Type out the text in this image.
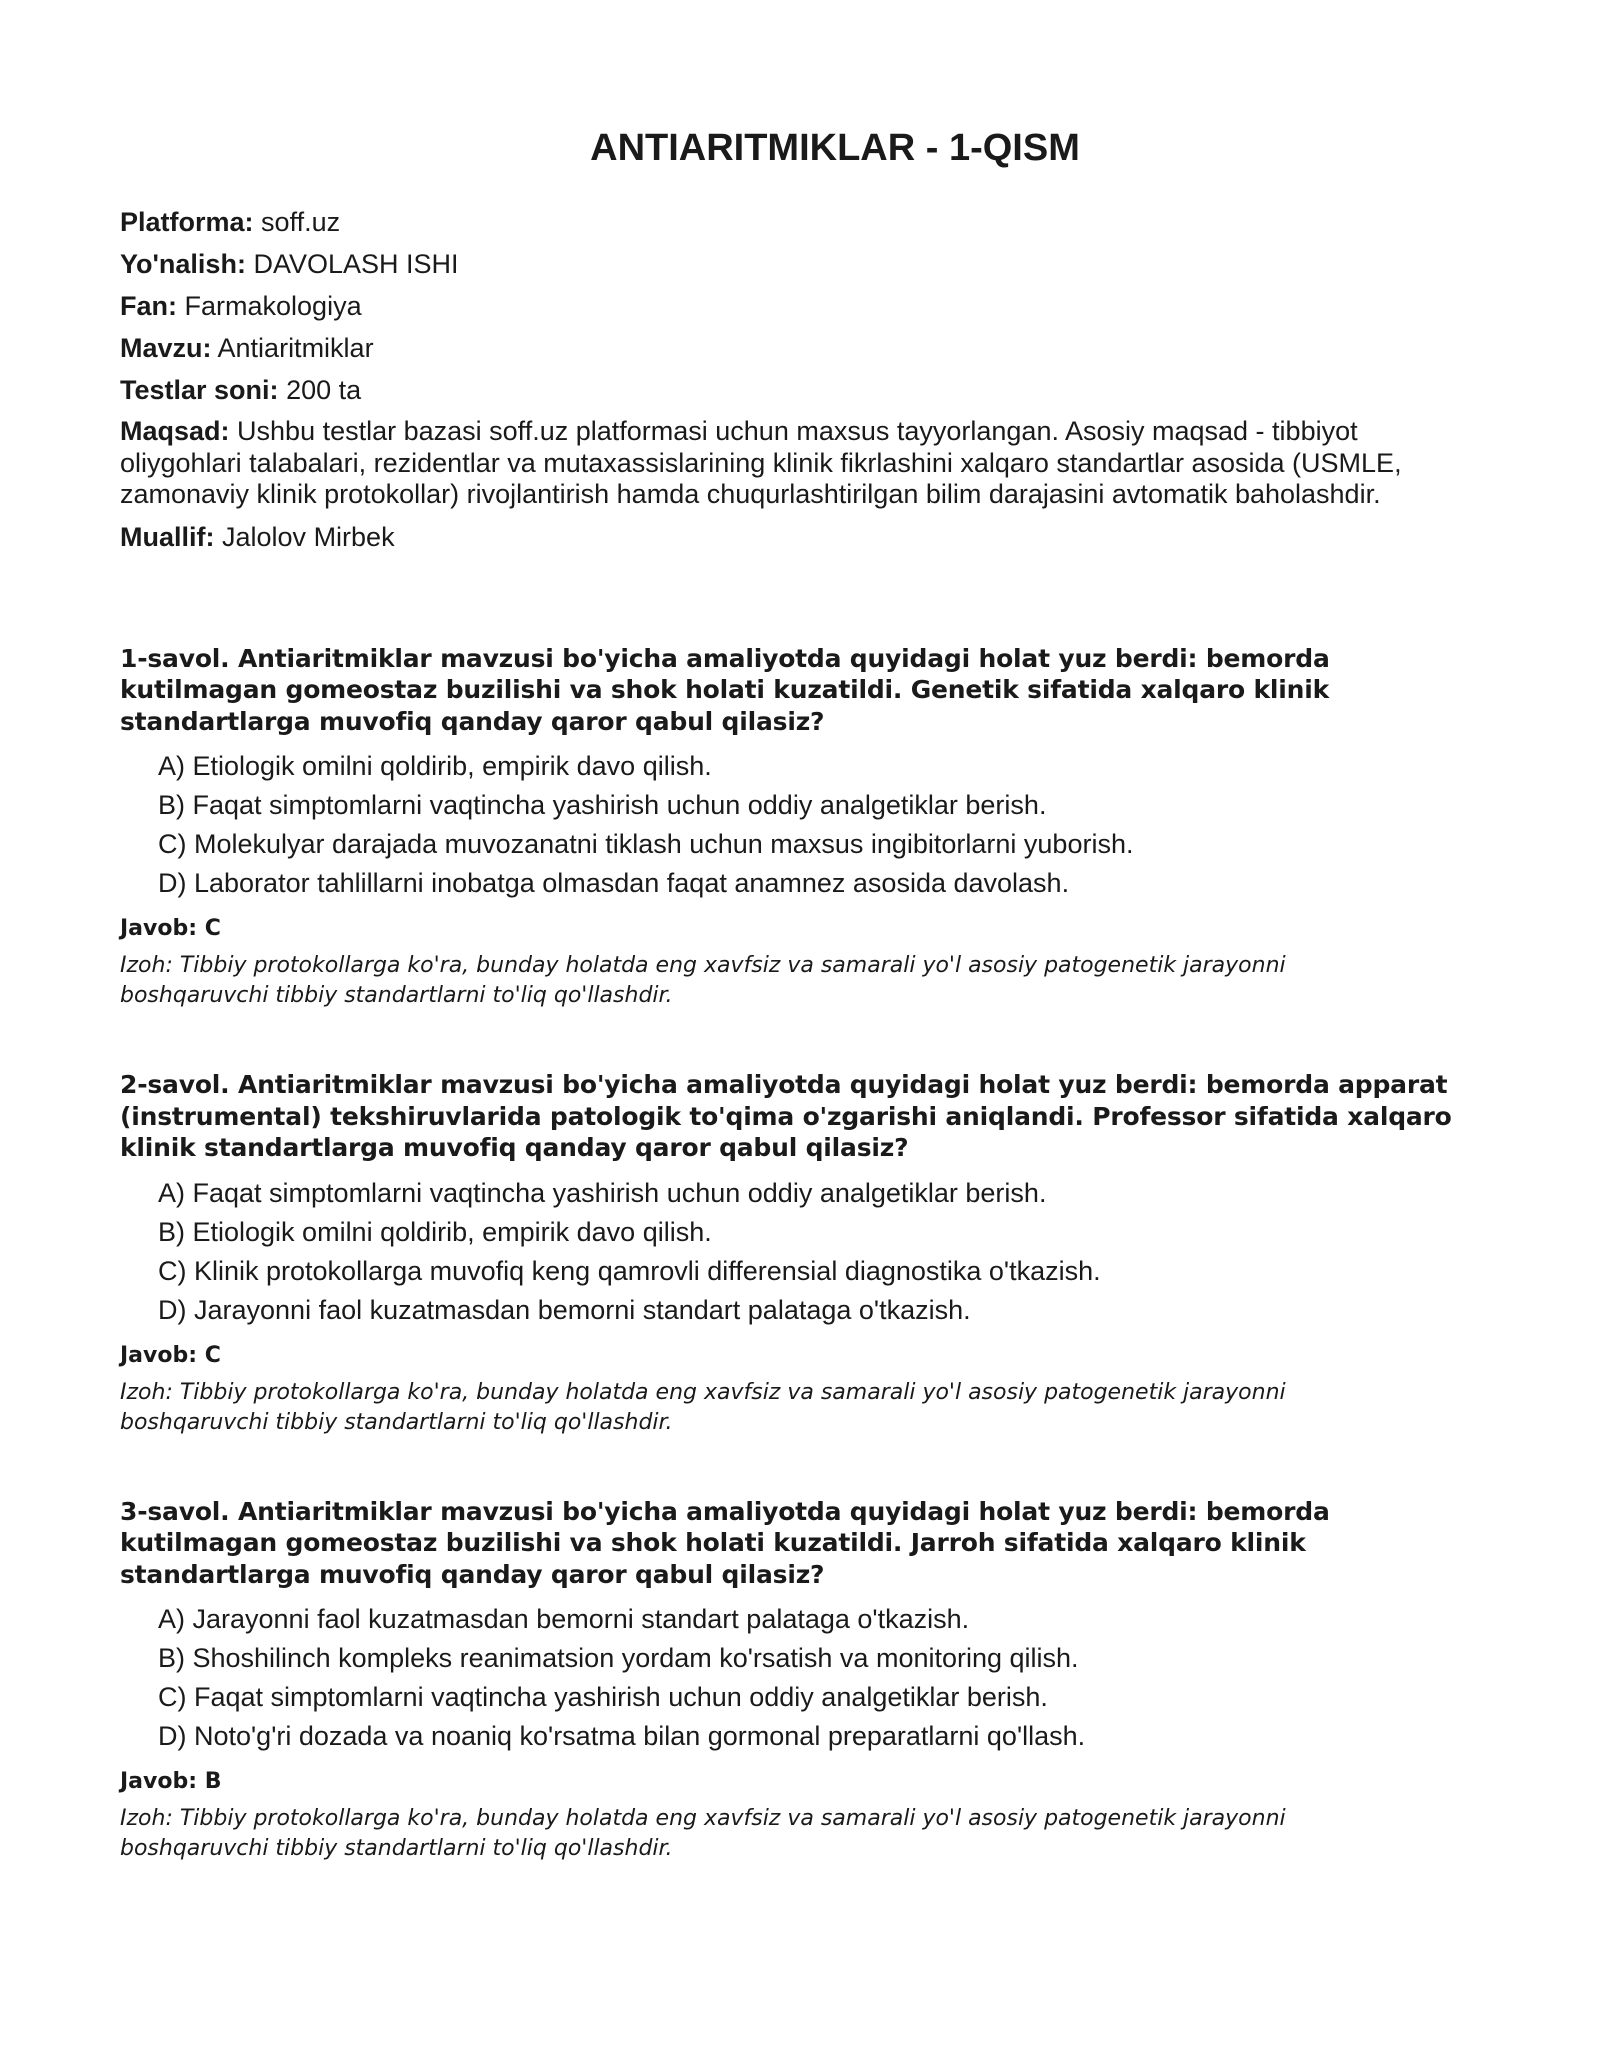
ANTIARITMIKLAR - 1-QISM

Platforma: soff.uz

Yo'nalish: DAVOLASH ISHI

Fan: Farmakologiya

Mavzu: Antiaritmiklar

Testlar soni: 200 ta

Maqsad: Ushbu testlar bazasi soff.uz platformasi uchun maxsus tayyorlangan. Asosiy maqsad - tibbiyot oliygohlari talabalari, rezidentlar va mutaxassislarining klinik fikrlashini xalqaro standartlar asosida (USMLE, zamonaviy klinik protokollar) rivojlantirish hamda chuqurlashtirilgan bilim darajasini avtomatik baholashdir.

Muallif: Jalolov Mirbek

1-savol. Antiaritmiklar mavzusi bo'yicha amaliyotda quyidagi holat yuz berdi: bemorda kutilmagan gomeostaz buzilishi va shok holati kuzatildi. Genetik sifatida xalqaro klinik standartlarga muvofiq qanday qaror qabul qilasiz?

A) Etiologik omilni qoldirib, empirik davo qilish.
B) Faqat simptomlarni vaqtincha yashirish uchun oddiy analgetiklar berish.
C) Molekulyar darajada muvozanatni tiklash uchun maxsus ingibitorlarni yuborish.
D) Laborator tahlillarni inobatga olmasdan faqat anamnez asosida davolash.

Javob: C

Izoh: Tibbiy protokollarga ko'ra, bunday holatda eng xavfsiz va samarali yo'l asosiy patogenetik jarayonni boshqaruvchi tibbiy standartlarni to'liq qo'llashdir.

2-savol. Antiaritmiklar mavzusi bo'yicha amaliyotda quyidagi holat yuz berdi: bemorda apparat (instrumental) tekshiruvlarida patologik to'qima o'zgarishi aniqlandi. Professor sifatida xalqaro klinik standartlarga muvofiq qanday qaror qabul qilasiz?

A) Faqat simptomlarni vaqtincha yashirish uchun oddiy analgetiklar berish.
B) Etiologik omilni qoldirib, empirik davo qilish.
C) Klinik protokollarga muvofiq keng qamrovli differensial diagnostika o'tkazish.
D) Jarayonni faol kuzatmasdan bemorni standart palataga o'tkazish.

Javob: C

Izoh: Tibbiy protokollarga ko'ra, bunday holatda eng xavfsiz va samarali yo'l asosiy patogenetik jarayonni boshqaruvchi tibbiy standartlarni to'liq qo'llashdir.

3-savol. Antiaritmiklar mavzusi bo'yicha amaliyotda quyidagi holat yuz berdi: bemorda kutilmagan gomeostaz buzilishi va shok holati kuzatildi. Jarroh sifatida xalqaro klinik standartlarga muvofiq qanday qaror qabul qilasiz?

A) Jarayonni faol kuzatmasdan bemorni standart palataga o'tkazish.
B) Shoshilinch kompleks reanimatsion yordam ko'rsatish va monitoring qilish.
C) Faqat simptomlarni vaqtincha yashirish uchun oddiy analgetiklar berish.
D) Noto'g'ri dozada va noaniq ko'rsatma bilan gormonal preparatlarni qo'llash.

Javob: B

Izoh: Tibbiy protokollarga ko'ra, bunday holatda eng xavfsiz va samarali yo'l asosiy patogenetik jarayonni boshqaruvchi tibbiy standartlarni to'liq qo'llashdir.
